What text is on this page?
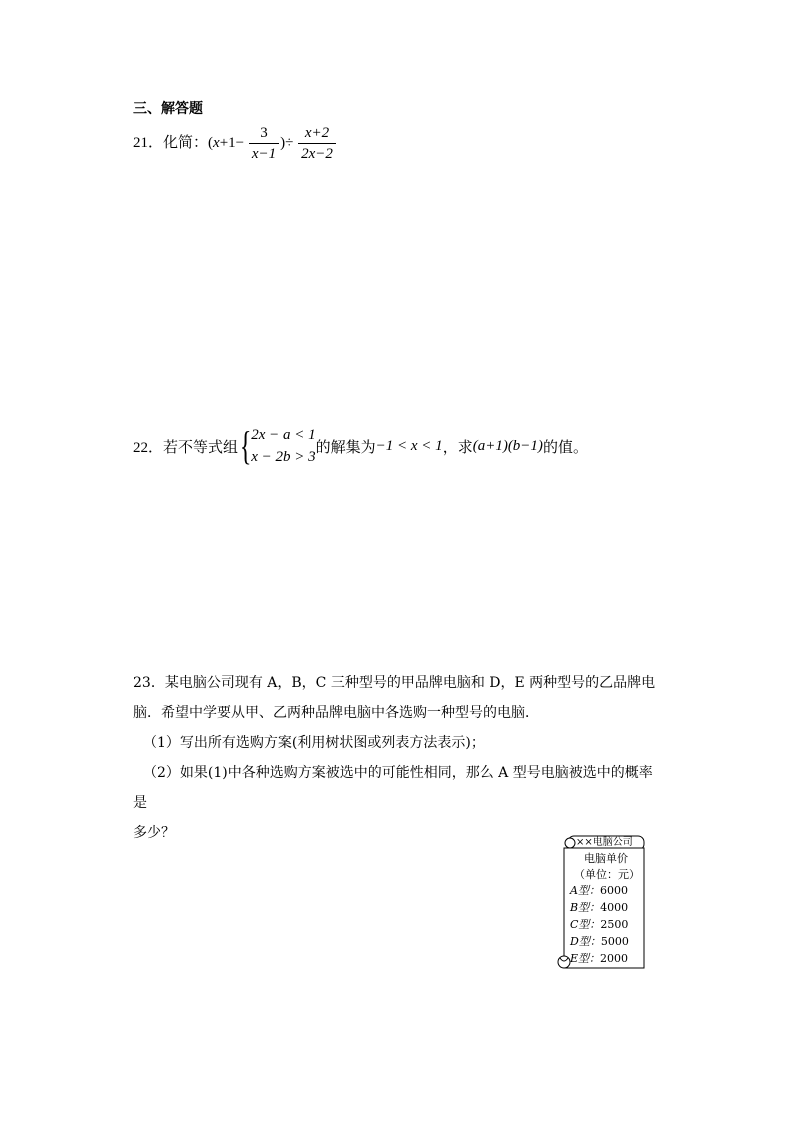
三、解答题
21．化简：($x+1- \frac{3}{x-1}$ )÷ $\frac{x+2}{2x-2}$
22．若不等式组{ 2x − a < 1
x − 2b > 3
的解集为−1 < x < 1，求(a+1)(b−1)的值。

23．某电脑公司现有 A，B，C 三种型号的甲品牌电脑和 D，E 两种型号的乙品牌电

脑．希望中学要从甲、乙两种品牌电脑中各选购一种型号的电脑．

（1）写出所有选购方案(利用树状图或列表方法表示)；

（2）如果(1)中各种选购方案被选中的可能性相同，那么 A 型号电脑被选中的概率是

多少？

××电脑公司
电脑单价
（单位：元）
A型：6000
B型：4000
C型：2500
D型：5000
E型：2000
